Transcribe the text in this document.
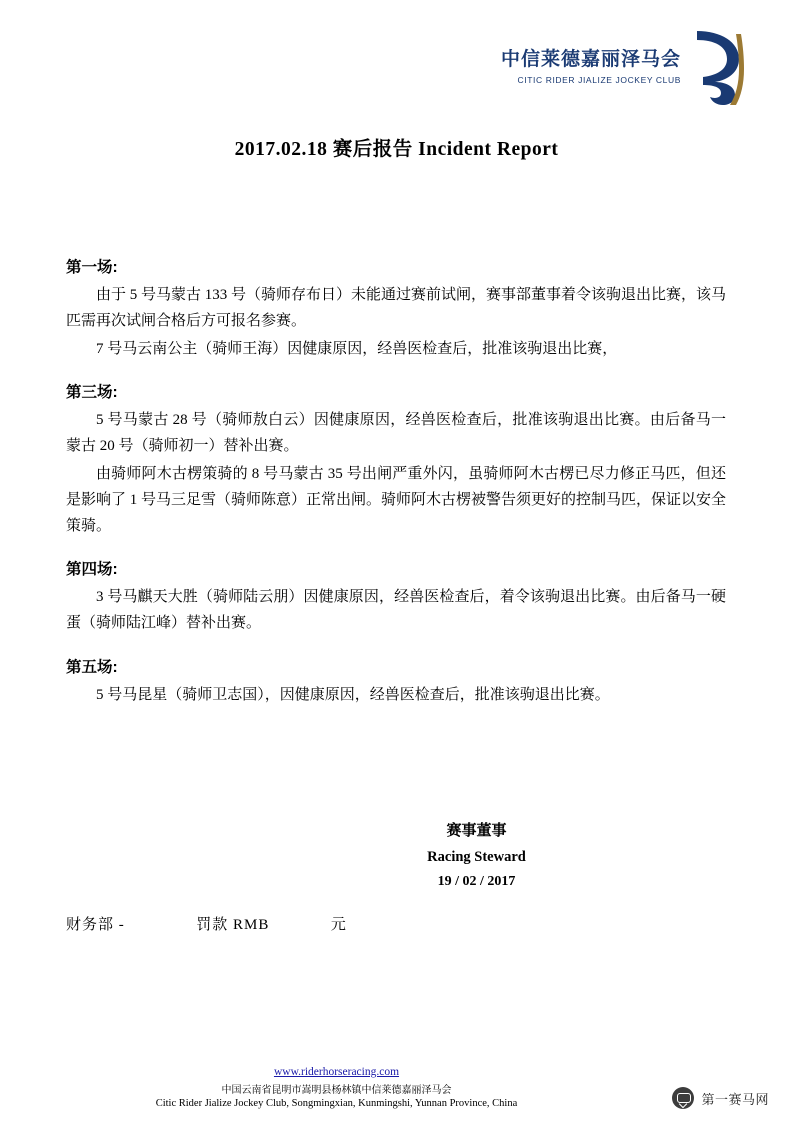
中信莱德嘉丽泽马会
CITIC RIDER JIALIZE JOCKEY CLUB
2017.02.18 赛后报告 Incident Report
第一场:

由于 5 号马蒙古 133 号（骑师存布日）未能通过赛前试闸，赛事部董事着令该驹退出比赛，该马匹需再次试闸合格后方可报名参赛。

7 号马云南公主（骑师王海）因健康原因，经兽医检查后，批准该驹退出比赛，

第三场:

5 号马蒙古 28 号（骑师敖白云）因健康原因，经兽医检查后，批准该驹退出比赛。由后备马一蒙古 20 号（骑师初一）替补出赛。

由骑师阿木古楞策骑的 8 号马蒙古 35 号出闸严重外闪，虽骑师阿木古楞已尽力修正马匹，但还是影响了 1 号马三足雪（骑师陈意）正常出闸。骑师阿木古楞被警告须更好的控制马匹，保证以安全策骑。

第四场:

3 号马麒天大胜（骑师陆云朋）因健康原因，经兽医检查后，着令该驹退出比赛。由后备马一硬蛋（骑师陆江峰）替补出赛。

第五场:

5 号马昆星（骑师卫志国），因健康原因，经兽医检查后，批准该驹退出比赛。

赛事董事
Racing Steward
19 / 02 / 2017
财务部 -	罚款 RMB	元
www.riderhorseracing.com
中国云南省昆明市嵩明县杨林镇中信莱德嘉丽泽马会
Citic Rider Jialize Jockey Club, Songmingxian, Kunmingshi, Yunnan Province, China	第一赛马网
